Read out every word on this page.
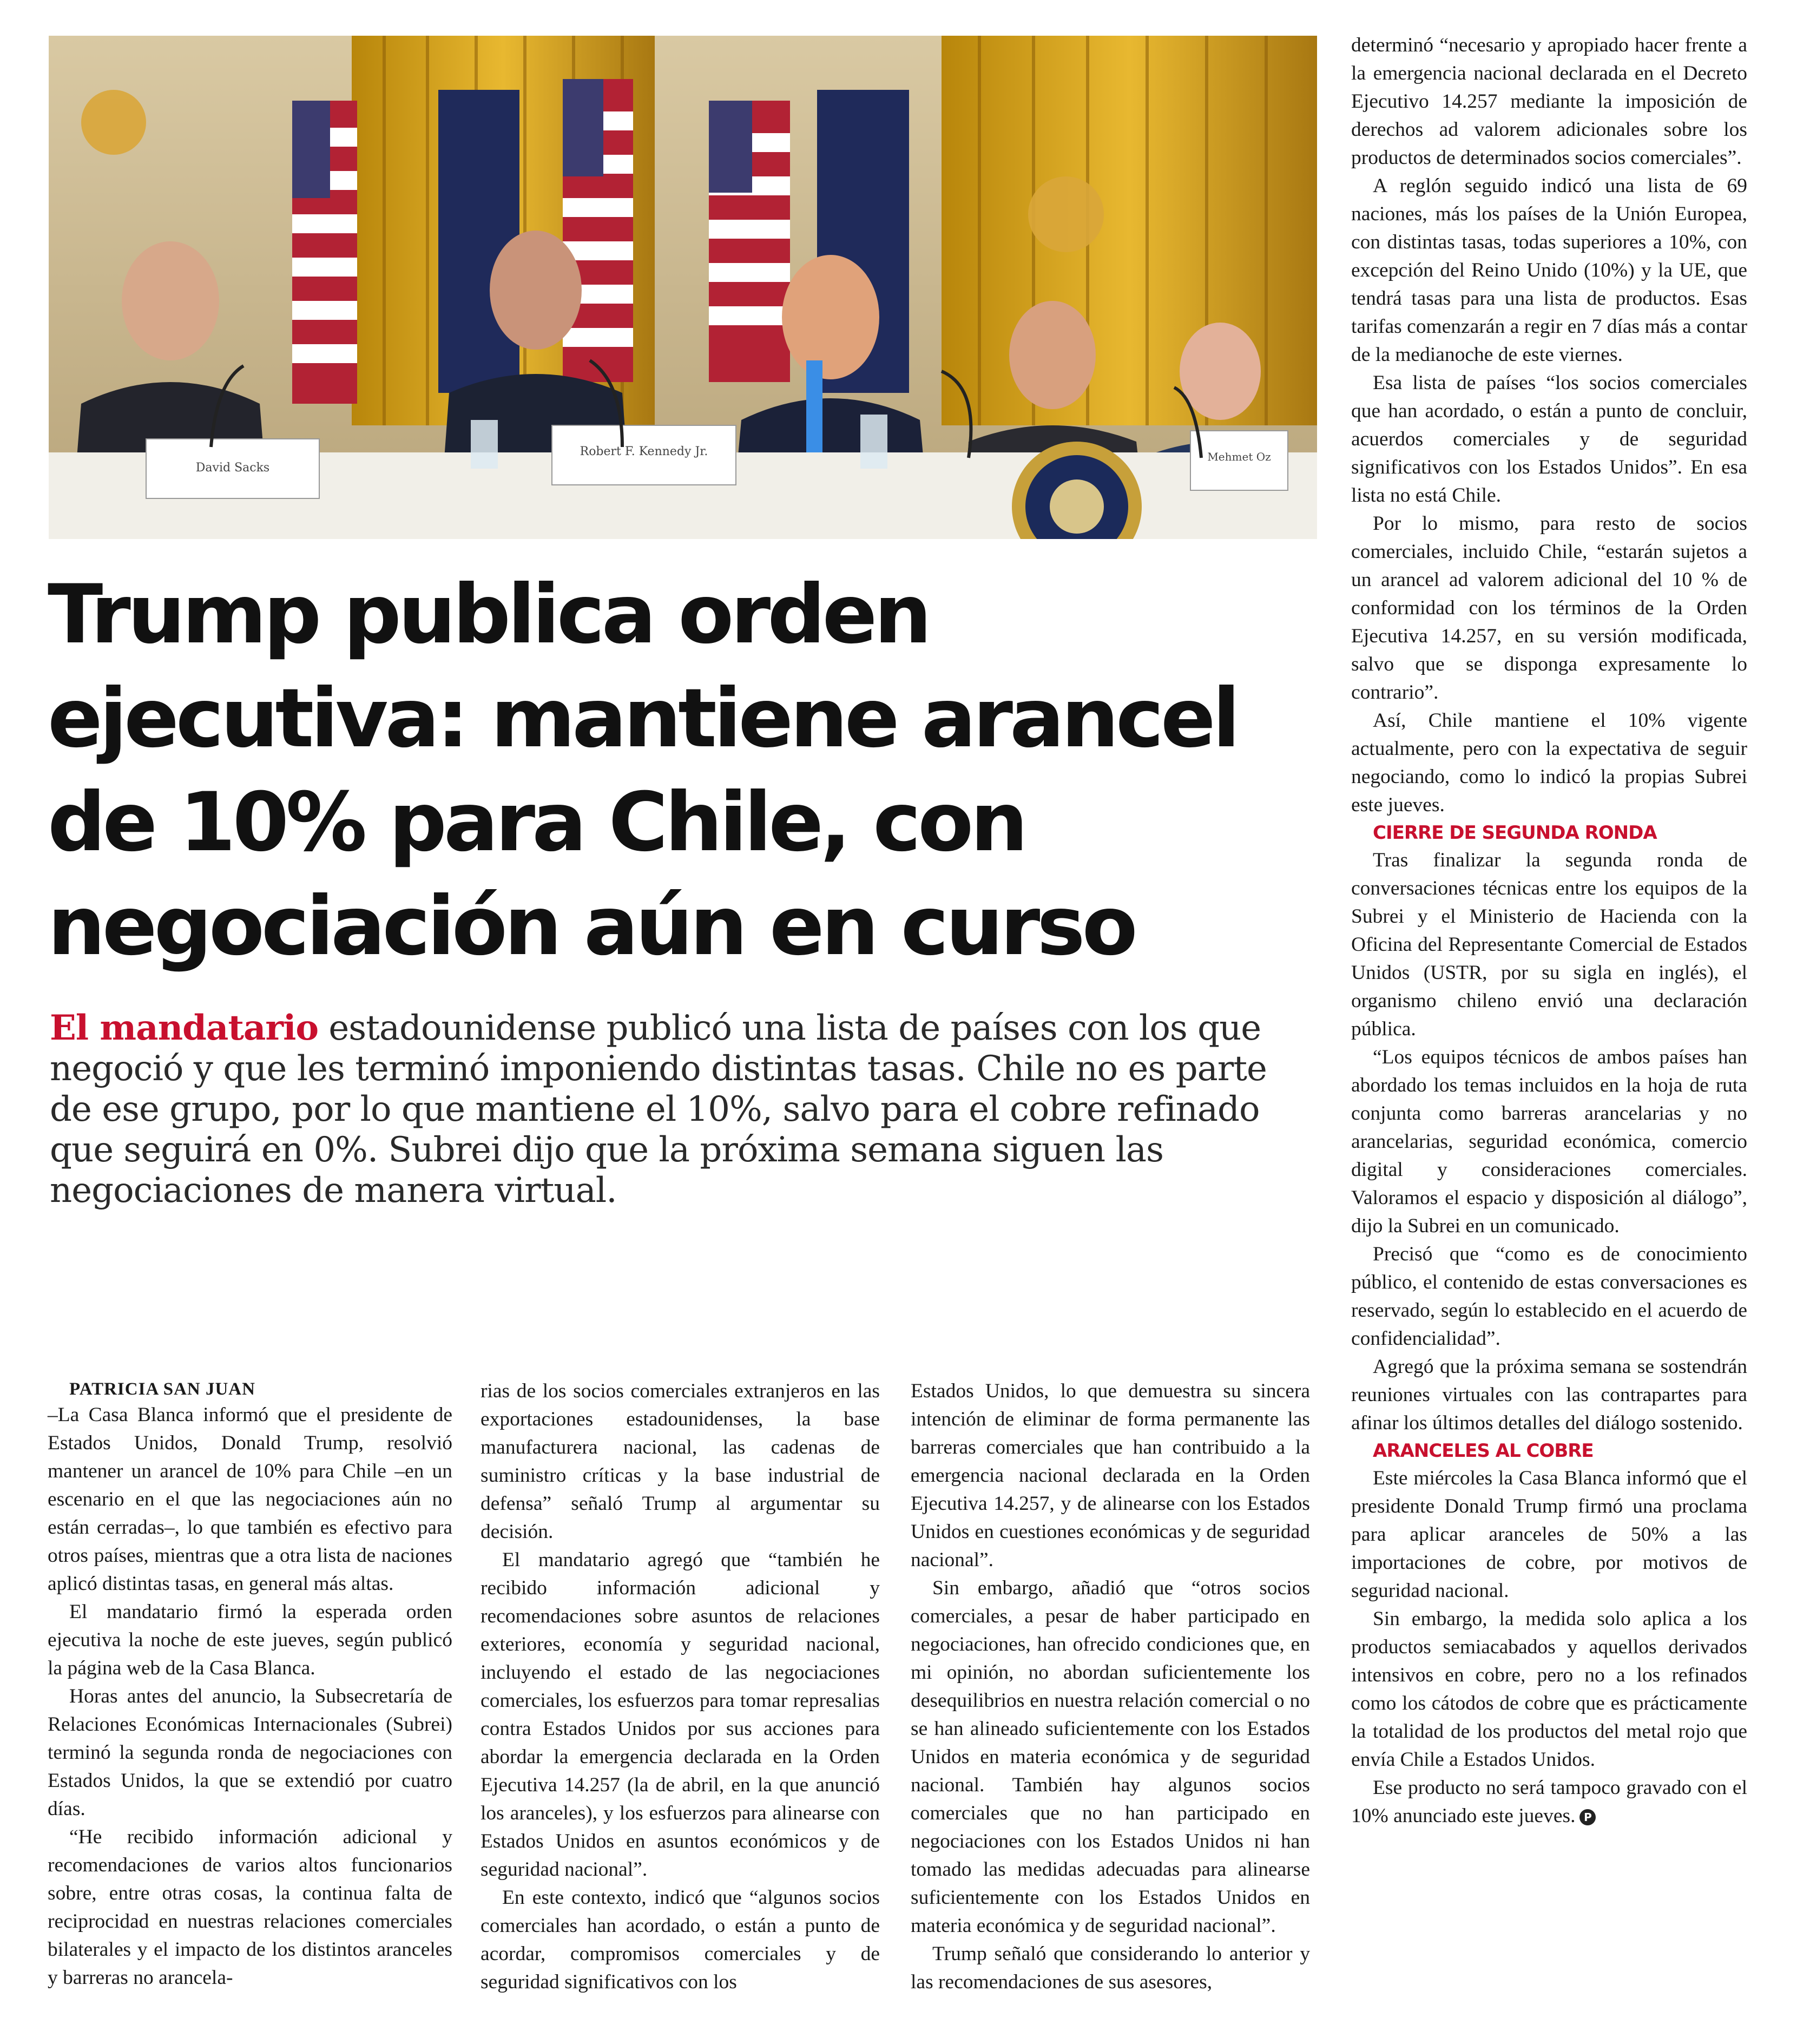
David Sacks
Robert F. Kennedy Jr.	Mehmet Oz
Trump publica orden ejecutiva: mantiene arancel de 10% para Chile, con negociación aún en curso

El mandatario estadounidense publicó una lista de países con los que negoció y que les terminó imponiendo distintas tasas. Chile no es parte de ese grupo, por lo que mantiene el 10%, salvo para el cobre refinado que seguirá en 0%. Subrei dijo que la próxima semana siguen las negociaciones de manera virtual.

PATRICIA SAN JUAN

–La Casa Blanca informó que el presidente de Estados Unidos, Donald Trump, resolvió mantener un arancel de 10% para Chile –en un escenario en el que las negociaciones aún no están cerradas–, lo que también es efectivo para otros países, mientras que a otra lista de naciones aplicó distintas tasas, en general más altas.

El mandatario firmó la esperada orden ejecutiva la noche de este jueves, según publicó la página web de la Casa Blanca.

Horas antes del anuncio, la Subsecretaría de Relaciones Económicas Internacionales (Subrei) terminó la segunda ronda de negociaciones con Estados Unidos, la que se extendió por cuatro días.

“He recibido información adicional y recomendaciones de varios altos funcionarios sobre, entre otras cosas, la continua falta de reciprocidad en nuestras relaciones comerciales bilaterales y el impacto de los distintos aranceles y barreras no arancela-

rias de los socios comerciales extranjeros en las exportaciones estadounidenses, la base manufacturera nacional, las cadenas de suministro críticas y la base industrial de defensa” señaló Trump al argumentar su decisión.

El mandatario agregó que “también he recibido información adicional y recomendaciones sobre asuntos de relaciones exteriores, economía y seguridad nacional, incluyendo el estado de las negociaciones comerciales, los esfuerzos para tomar represalias contra Estados Unidos por sus acciones para abordar la emergencia declarada en la Orden Ejecutiva 14.257 (la de abril, en la que anunció los aranceles), y los esfuerzos para alinearse con Estados Unidos en asuntos económicos y de seguridad nacional”.

En este contexto, indicó que “algunos socios comerciales han acordado, o están a punto de acordar, compromisos comerciales y de seguridad significativos con los

Estados Unidos, lo que demuestra su sincera intención de eliminar de forma permanente las barreras comerciales que han contribuido a la emergencia nacional declarada en la Orden Ejecutiva 14.257, y de alinearse con los Estados Unidos en cuestiones económicas y de seguridad nacional”.

Sin embargo, añadió que “otros socios comerciales, a pesar de haber participado en negociaciones, han ofrecido condiciones que, en mi opinión, no abordan suficientemente los desequilibrios en nuestra relación comercial o no se han alineado suficientemente con los Estados Unidos en materia económica y de seguridad nacional. También hay algunos socios comerciales que no han participado en negociaciones con los Estados Unidos ni han tomado las medidas adecuadas para alinearse suficientemente con los Estados Unidos en materia económica y de seguridad nacional”.

Trump señaló que considerando lo anterior y las recomendaciones de sus asesores,

determinó “necesario y apropiado hacer frente a la emergencia nacional declarada en el Decreto Ejecutivo 14.257 mediante la imposición de derechos ad valorem adicionales sobre los productos de determinados socios comerciales”.

A reglón seguido indicó una lista de 69 naciones, más los países de la Unión Europea, con distintas tasas, todas superiores a 10%, con excepción del Reino Unido (10%) y la UE, que tendrá tasas para una lista de productos. Esas tarifas comenzarán a regir en 7 días más a contar de la medianoche de este viernes.

Esa lista de países “los socios comerciales que han acordado, o están a punto de concluir, acuerdos comerciales y de seguridad significativos con los Estados Unidos”. En esa lista no está Chile.

Por lo mismo, para resto de socios comerciales, incluido Chile, “estarán sujetos a un arancel ad valorem adicional del 10 % de conformidad con los términos de la Orden Ejecutiva 14.257, en su versión modificada, salvo que se disponga expresamente lo contrario”.

Así, Chile mantiene el 10% vigente actualmente, pero con la expectativa de seguir negociando, como lo indicó la propias Subrei este jueves.

CIERRE DE SEGUNDA RONDA

Tras finalizar la segunda ronda de conversaciones técnicas entre los equipos de la Subrei y el Ministerio de Hacienda con la Oficina del Representante Comercial de Estados Unidos (USTR, por su sigla en inglés), el organismo chileno envió una declaración pública.

“Los equipos técnicos de ambos países han abordado los temas incluidos en la hoja de ruta conjunta como barreras arancelarias y no arancelarias, seguridad económica, comercio digital y consideraciones comerciales. Valoramos el espacio y disposición al diálogo”, dijo la Subrei en un comunicado.

Precisó que “como es de conocimiento público, el contenido de estas conversaciones es reservado, según lo establecido en el acuerdo de confidencialidad”.

Agregó que la próxima semana se sostendrán reuniones virtuales con las contrapartes para afinar los últimos detalles del diálogo sostenido.

ARANCELES AL COBRE

Este miércoles la Casa Blanca informó que el presidente Donald Trump firmó una proclama para aplicar aranceles de 50% a las importaciones de cobre, por motivos de seguridad nacional.

Sin embargo, la medida solo aplica a los productos semiacabados y aquellos derivados intensivos en cobre, pero no a los refinados como los cátodos de cobre que es prácticamente la totalidad de los productos del metal rojo que envía Chile a Estados Unidos.

Ese producto no será tampoco gravado con el 10% anunciado este jueves. P
